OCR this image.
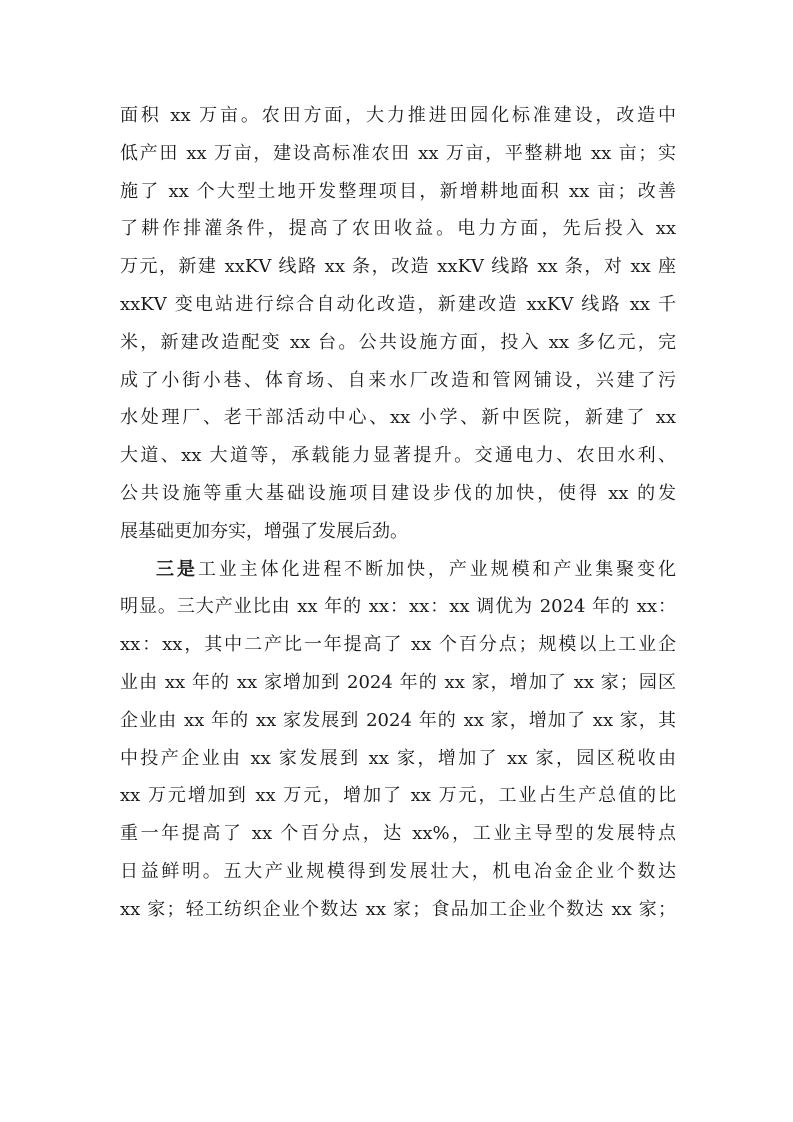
面积 xx 万亩。农田方面，大力推进田园化标准建设，改造中
低产田 xx 万亩，建设高标准农田 xx 万亩，平整耕地 xx 亩；实
施了 xx 个大型土地开发整理项目，新增耕地面积 xx 亩；改善
了耕作排灌条件，提高了农田收益。电力方面，先后投入 xx
万元，新建 xxKV 线路 xx 条，改造 xxKV 线路 xx 条，对 xx 座
xxKV 变电站进行综合自动化改造，新建改造 xxKV 线路 xx 千
米，新建改造配变 xx 台。公共设施方面，投入 xx 多亿元，完
成了小街小巷、体育场、自来水厂改造和管网铺设，兴建了污
水处理厂、老干部活动中心、xx 小学、新中医院，新建了 xx
大道、xx 大道等，承载能力显著提升。交通电力、农田水利、
公共设施等重大基础设施项目建设步伐的加快，使得 xx 的发
展基础更加夯实，增强了发展后劲。
三是工业主体化进程不断加快，产业规模和产业集聚变化
明显。三大产业比由 xx 年的 xx：xx：xx 调优为 2024 年的 xx：
xx：xx，其中二产比一年提高了 xx 个百分点；规模以上工业企
业由 xx 年的 xx 家增加到 2024 年的 xx 家，增加了 xx 家；园区
企业由 xx 年的 xx 家发展到 2024 年的 xx 家，增加了 xx 家，其
中投产企业由 xx 家发展到 xx 家，增加了 xx 家，园区税收由
xx 万元增加到 xx 万元，增加了 xx 万元，工业占生产总值的比
重一年提高了 xx 个百分点，达 xx%，工业主导型的发展特点
日益鲜明。五大产业规模得到发展壮大，机电冶金企业个数达
xx 家；轻工纺织企业个数达 xx 家；食品加工企业个数达 xx 家；
